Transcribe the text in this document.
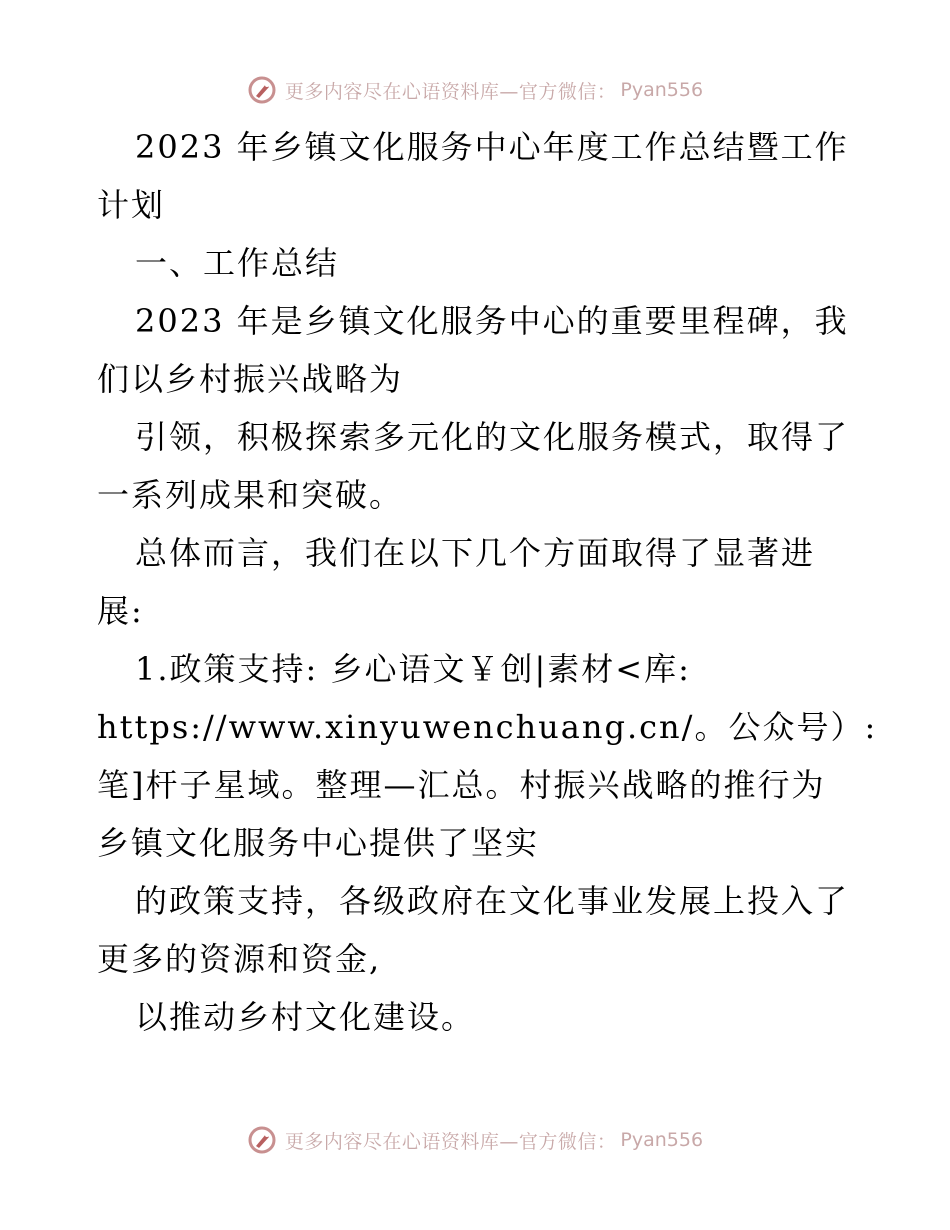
更多内容尽在心语资料库—官方微信： Pyan556
2023 年乡镇文化服务中心年度工作总结暨工作
计划
一、工作总结
2023 年是乡镇文化服务中心的重要里程碑，我
们以乡村振兴战略为
引领，积极探索多元化的文化服务模式，取得了
一系列成果和突破。
总体而言，我们在以下几个方面取得了显著进
展:
1.政策支持: 乡心语文￥创|素材<库:
https://www.xinyuwenchuang.cn/。公众号）:
笔]杆子星域。整理—汇总。村振兴战略的推行为
乡镇文化服务中心提供了坚实
的政策支持，各级政府在文化事业发展上投入了
更多的资源和资金,
以推动乡村文化建设。
更多内容尽在心语资料库—官方微信： Pyan556
